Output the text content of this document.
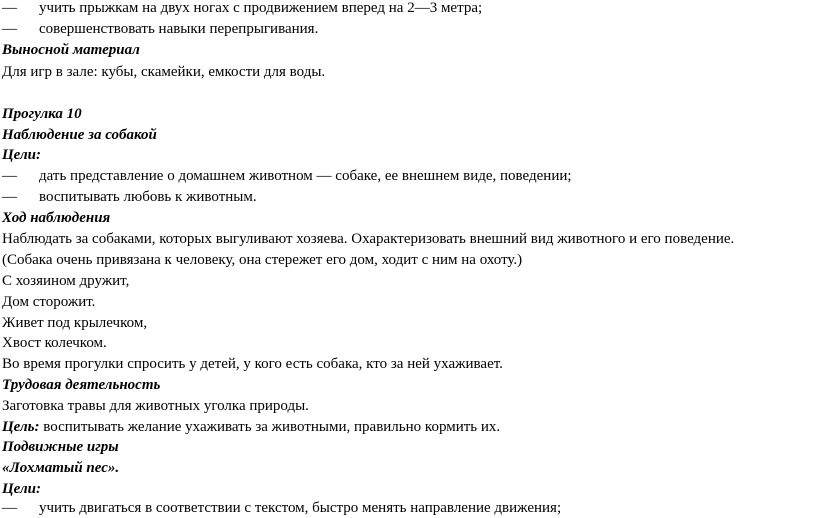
— учить прыжкам на двух ногах с продвижением вперед на 2—3 метра;
— совершенствовать навыки перепрыгивания.
Выносной материал
Для игр в зале: кубы, скамейки, емкости для воды.
Прогулка 10
Наблюдение за собакой
Цели:
— дать представление о домашнем животном — собаке, ее внешнем виде, поведении;
— воспитывать любовь к животным.
Ход наблюдения
Наблюдать за собаками, которых выгуливают хозяева. Охарактеризовать внешний вид животного и его поведение.
(Собака очень привязана к человеку, она стережет его дом, ходит с ним на охоту.)
С хозяином дружит,
Дом сторожит.
Живет под крылечком,
Хвост колечком.
Во время прогулки спросить у детей, у кого есть собака, кто за ней ухаживает.
Трудовая деятельность
Заготовка травы для животных уголка природы.
Цель: воспитывать желание ухаживать за животными, правильно кормить их.
Подвижные игры
«Лохматый пес».
Цели:
— учить двигаться в соответствии с текстом, быстро менять направление движения;
